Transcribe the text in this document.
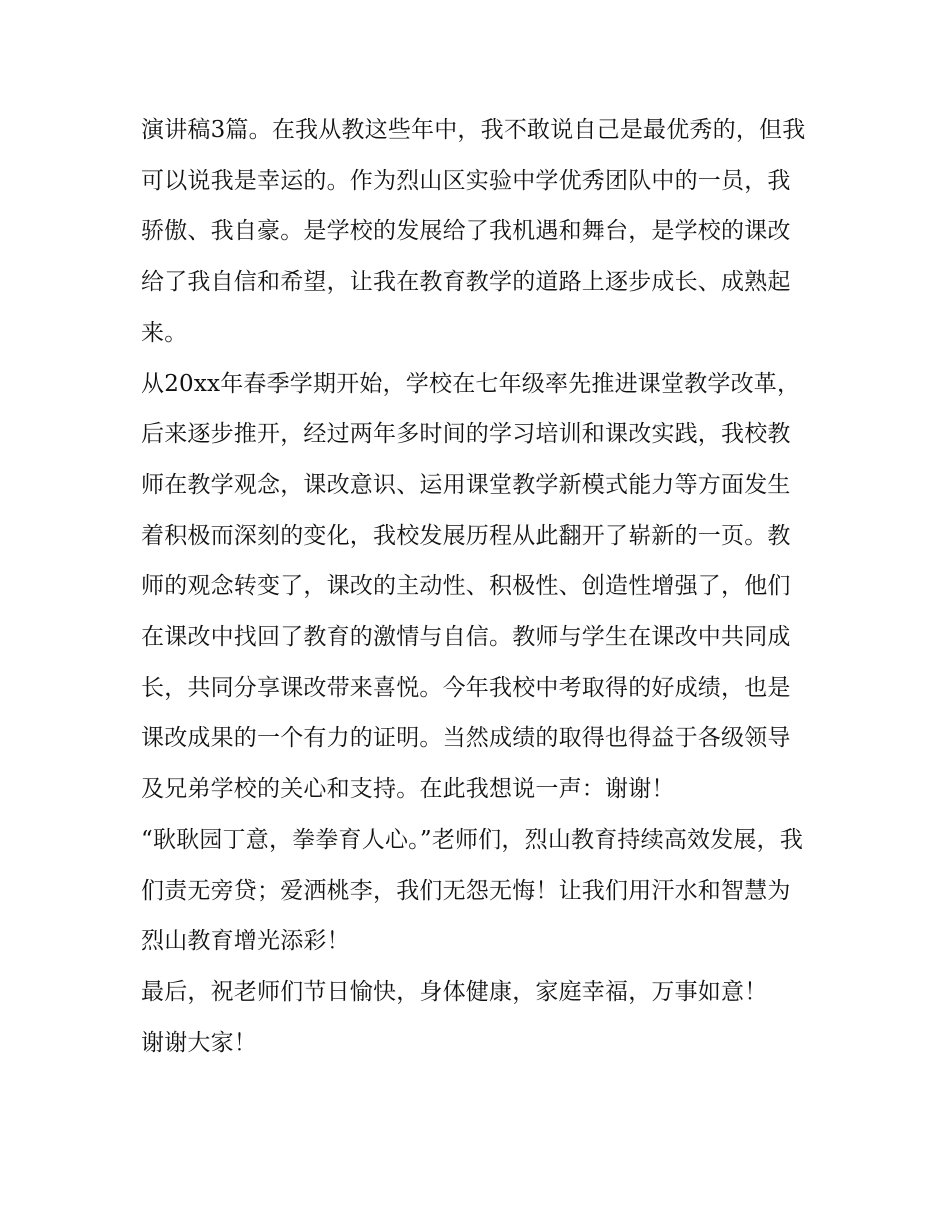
演讲稿3篇。在我从教这些年中，我不敢说自己是最优秀的，但我可以说我是幸运的。作为烈山区实验中学优秀团队中的一员，我骄傲、我自豪。是学校的发展给了我机遇和舞台，是学校的课改给了我自信和希望，让我在教育教学的道路上逐步成长、成熟起来。

从20xx年春季学期开始，学校在七年级率先推进课堂教学改革，后来逐步推开，经过两年多时间的学习培训和课改实践，我校教师在教学观念，课改意识、运用课堂教学新模式能力等方面发生着积极而深刻的变化，我校发展历程从此翻开了崭新的一页。教师的观念转变了，课改的主动性、积极性、创造性增强了，他们在课改中找回了教育的激情与自信。教师与学生在课改中共同成长，共同分享课改带来喜悦。今年我校中考取得的好成绩，也是课改成果的一个有力的证明。当然成绩的取得也得益于各级领导及兄弟学校的关心和支持。在此我想说一声：谢谢！

“耿耿园丁意，拳拳育人心。”老师们，烈山教育持续高效发展，我们责无旁贷；爱洒桃李，我们无怨无悔！让我们用汗水和智慧为烈山教育增光添彩！

最后，祝老师们节日愉快，身体健康，家庭幸福，万事如意！

谢谢大家！
